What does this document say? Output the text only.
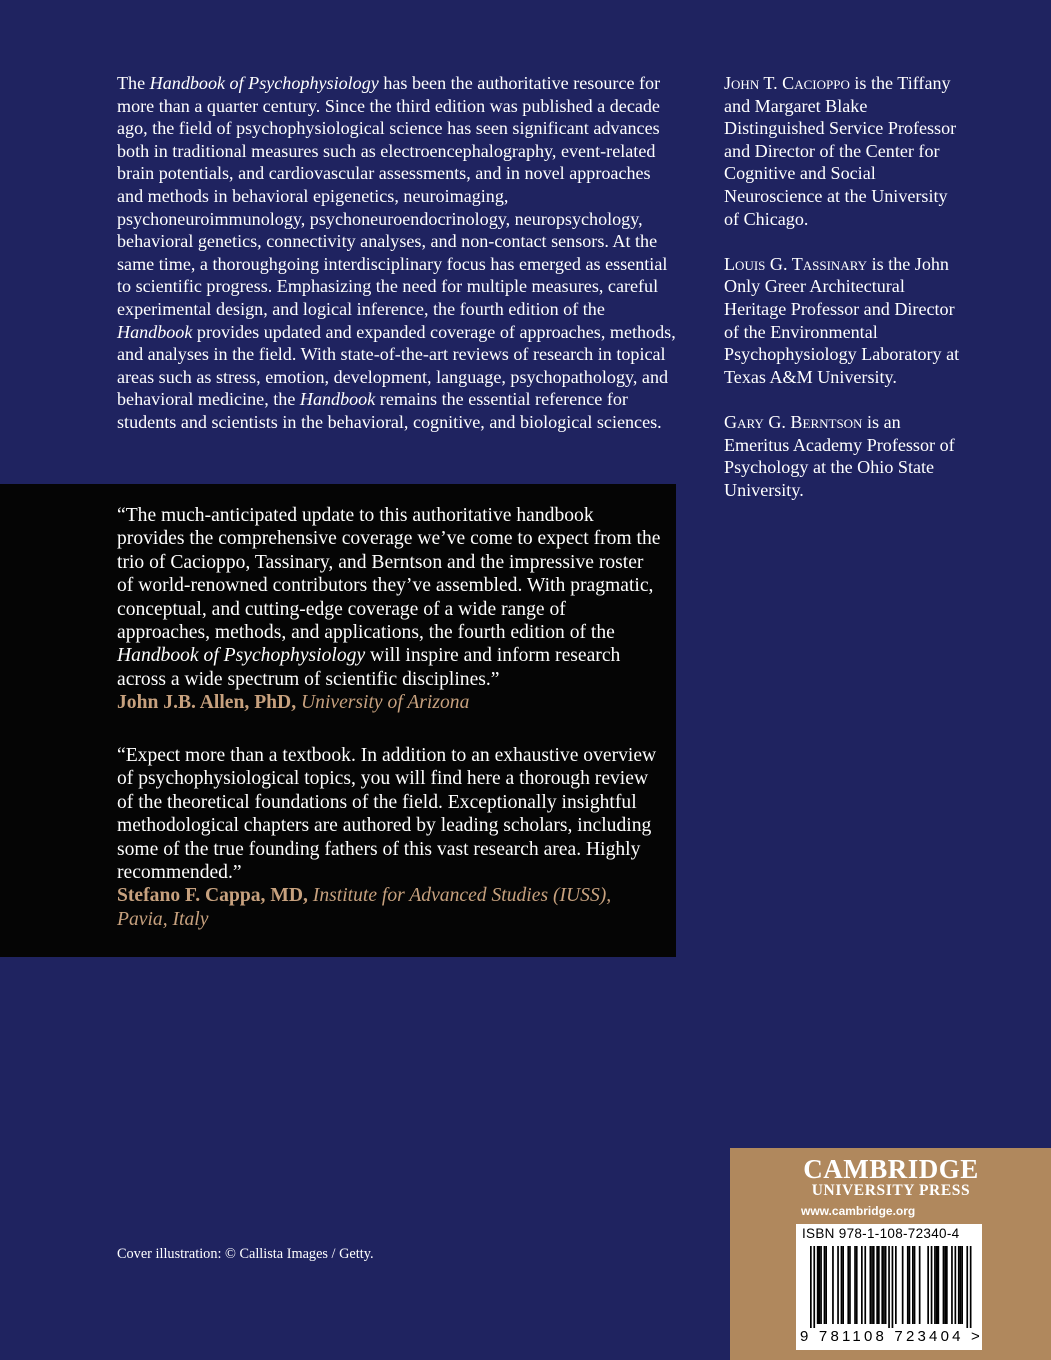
The Handbook of Psychophysiology has been the authoritative resource for more than a quarter century. Since the third edition was published a decade ago, the field of psychophysiological science has seen significant advances both in traditional measures such as electroencephalography, event-related brain potentials, and cardiovascular assessments, and in novel approaches and methods in behavioral epigenetics, neuroimaging, psychoneuroimmunology, psychoneuroendocrinology, neuropsychology, behavioral genetics, connectivity analyses, and non-contact sensors. At the same time, a thoroughgoing interdisciplinary focus has emerged as essential to scientific progress. Emphasizing the need for multiple measures, careful experimental design, and logical inference, the fourth edition of the Handbook provides updated and expanded coverage of approaches, methods, and analyses in the field. With state-of-the-art reviews of research in topical areas such as stress, emotion, development, language, psychopathology, and behavioral medicine, the Handbook remains the essential reference for students and scientists in the behavioral, cognitive, and biological sciences.

John T. Cacioppo is the Tiffany and Margaret Blake Distinguished Service Professor and Director of the Center for Cognitive and Social Neuroscience at the University of Chicago.

Louis G. Tassinary is the John Only Greer Architectural Heritage Professor and Director of the Environmental Psychophysiology Laboratory at Texas A&M University.

Gary G. Berntson is an Emeritus Academy Professor of Psychology at the Ohio State University.

“The much-anticipated update to this authoritative handbook provides the comprehensive coverage we’ve come to expect from the trio of Cacioppo, Tassinary, and Berntson and the impressive roster of world-renowned contributors they’ve assembled. With pragmatic, conceptual, and cutting-edge coverage of a wide range of approaches, methods, and applications, the fourth edition of the Handbook of Psychophysiology will inspire and inform research across a wide spectrum of scientific disciplines.”
John J.B. Allen, PhD, University of Arizona
“Expect more than a textbook. In addition to an exhaustive overview of psychophysiological topics, you will find here a thorough review of the theoretical foundations of the field. Exceptionally insightful methodological chapters are authored by leading scholars, including some of the true founding fathers of this vast research area. Highly recommended.”
Stefano F. Cappa, MD, Institute for Advanced Studies (IUSS), Pavia, Italy
Cover illustration: © Callista Images / Getty.
CAMBRIDGE
UNIVERSITY PRESS
www.cambridge.org
ISBN 978-1-108-72340-4
9 781108 723404 >
